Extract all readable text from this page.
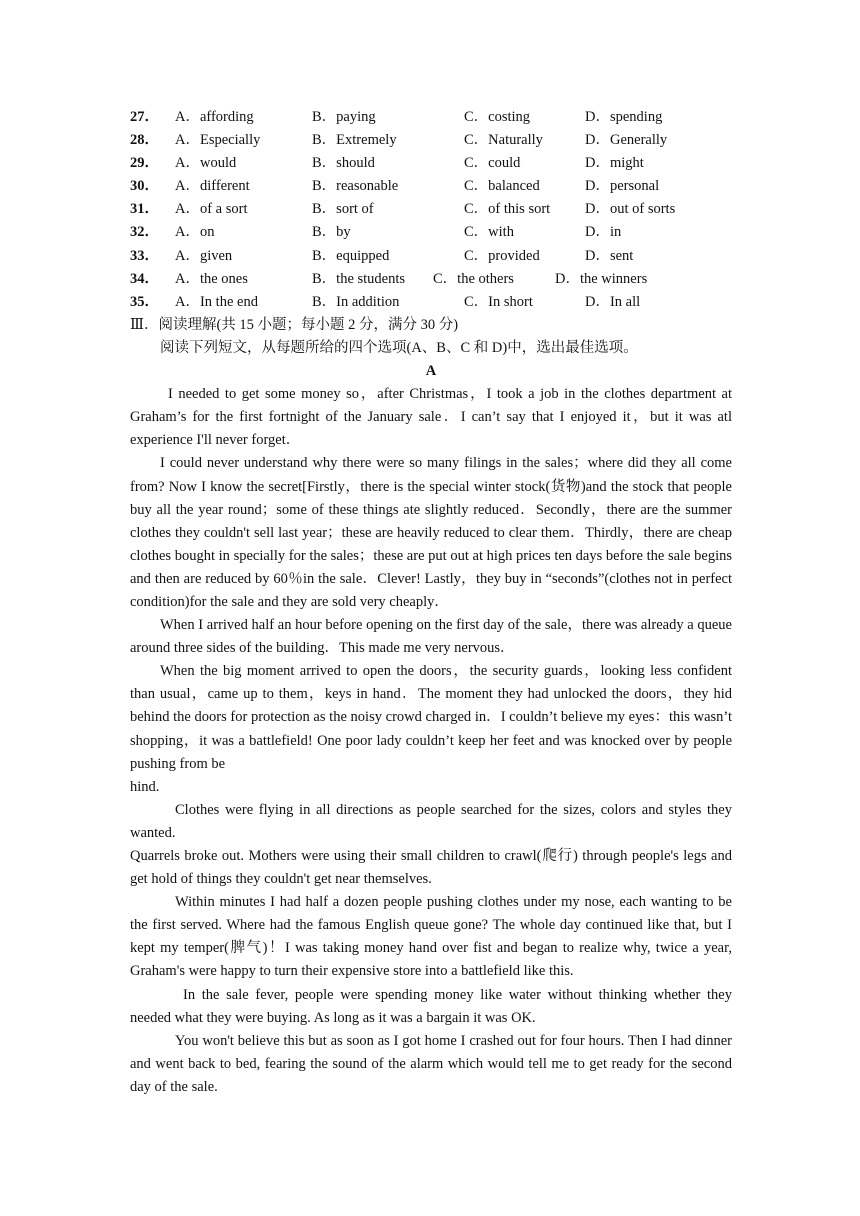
27． A．affording	B．paying	C．costing	D．spending
28． A．Especially	B．Extremely	C．Naturally	D．Generally
29． A．would	B．should	C．could	D．might
30． A．different	B．reasonable	C．balanced	D．personal
31． A．of a sort	B．sort of	C．of this sort D．out of sorts
32． A．on	B．by	C．with	D．in
33． A．given	B．equipped	C．provided	D．sent
34． A．the ones	B．the students C．the others	D．the winners
35． A．In the end	B．In addition	C．In short	D．In all
Ⅲ．阅读理解(共 15 小题；每小题 2 分，满分 30 分)
阅读下列短文，从每题所给的四个选项(A、B、C 和 D)中，选出最佳选项。
A
I needed to get some money so，after Christmas，I took a job in the clothes department at Graham’s for the first fortnight of the January sale．I can’t say that I enjoyed it，but it was atl experience I'll never forget．
I could never understand why there were so many filings in the sales；where did they all come from? Now I know the secret[Firstly，there is the special winter stock(货物)and the stock that people buy all the year round；some of these things ate slightly reduced．Secondly，there are the summer clothes they couldn't sell last year；these are heavily reduced to clear them．Thirdly，there are cheap clothes bought in specially for the sales；these are put out at high prices ten days before the sale begins and then are reduced by 60％in the sale．Clever! Lastly，they buy in “seconds”(clothes not in perfect condition)for the sale and they are sold very cheaply．
When I arrived half an hour before opening on the first day of the sale，there was already a queue around three sides of the building．This made me very nervous．
When the big moment arrived to open the doors，the security guards，looking less confident than usual，came up to them，keys in hand．The moment they had unlocked the doors，they hid behind the doors for protection as the noisy crowd charged in．I couldn’t believe my eyes：this wasn’t shopping，it was a battlefield! One poor lady couldn’t keep her feet and was knocked over by people pushing from be
hind.
Clothes were flying in all directions as people searched for the sizes, colors and styles they wanted.
Quarrels broke out. Mothers were using their small children to crawl(爬行) through people's legs and get hold of things they couldn't get near themselves.
Within minutes I had half a dozen people pushing clothes under my nose, each wanting to be the first served. Where had the famous English queue gone? The whole day continued like that, but I kept my temper(脾气)！I was taking money hand over fist and began to realize why, twice a year, Graham's were happy to turn their expensive store into a battlefield like this.
In the sale fever, people were spending money like water without thinking whether they needed what they were buying. As long as it was a bargain it was OK.
You won't believe this but as soon as I got home I crashed out for four hours. Then I had dinner and went back to bed, fearing the sound of the alarm which would tell me to get ready for the second day of the sale.
